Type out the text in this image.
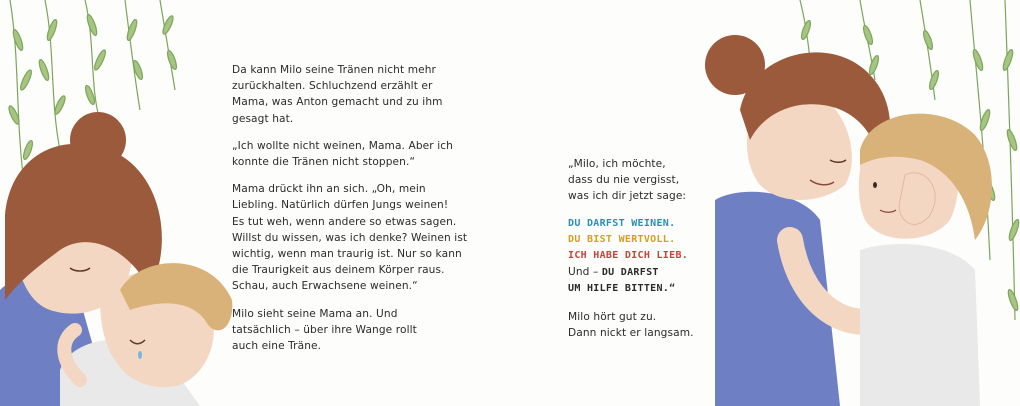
Da kann Milo seine Tränen nicht mehr
zurückhalten. Schluchzend erzählt er
Mama, was Anton gemacht und zu ihm
gesagt hat.

„Ich wollte nicht weinen, Mama. Aber ich
konnte die Tränen nicht stoppen.“

Mama drückt ihn an sich. „Oh, mein
Liebling. Natürlich dürfen Jungs weinen!
Es tut weh, wenn andere so etwas sagen.
Willst du wissen, was ich denke? Weinen ist
wichtig, wenn man traurig ist. Nur so kann
die Traurigkeit aus deinem Körper raus.
Schau, auch Erwachsene weinen.“

Milo sieht seine Mama an. Und
tatsächlich – über ihre Wange rollt
auch eine Träne.

„Milo, ich möchte,
dass du nie vergisst,
was ich dir jetzt sage:

DU DARFST WEINEN.
DU BIST WERTVOLL.
ICH HABE DICH LIEB.
Und – DU DARFST
UM HILFE BITTEN.“

Milo hört gut zu.
Dann nickt er langsam.
